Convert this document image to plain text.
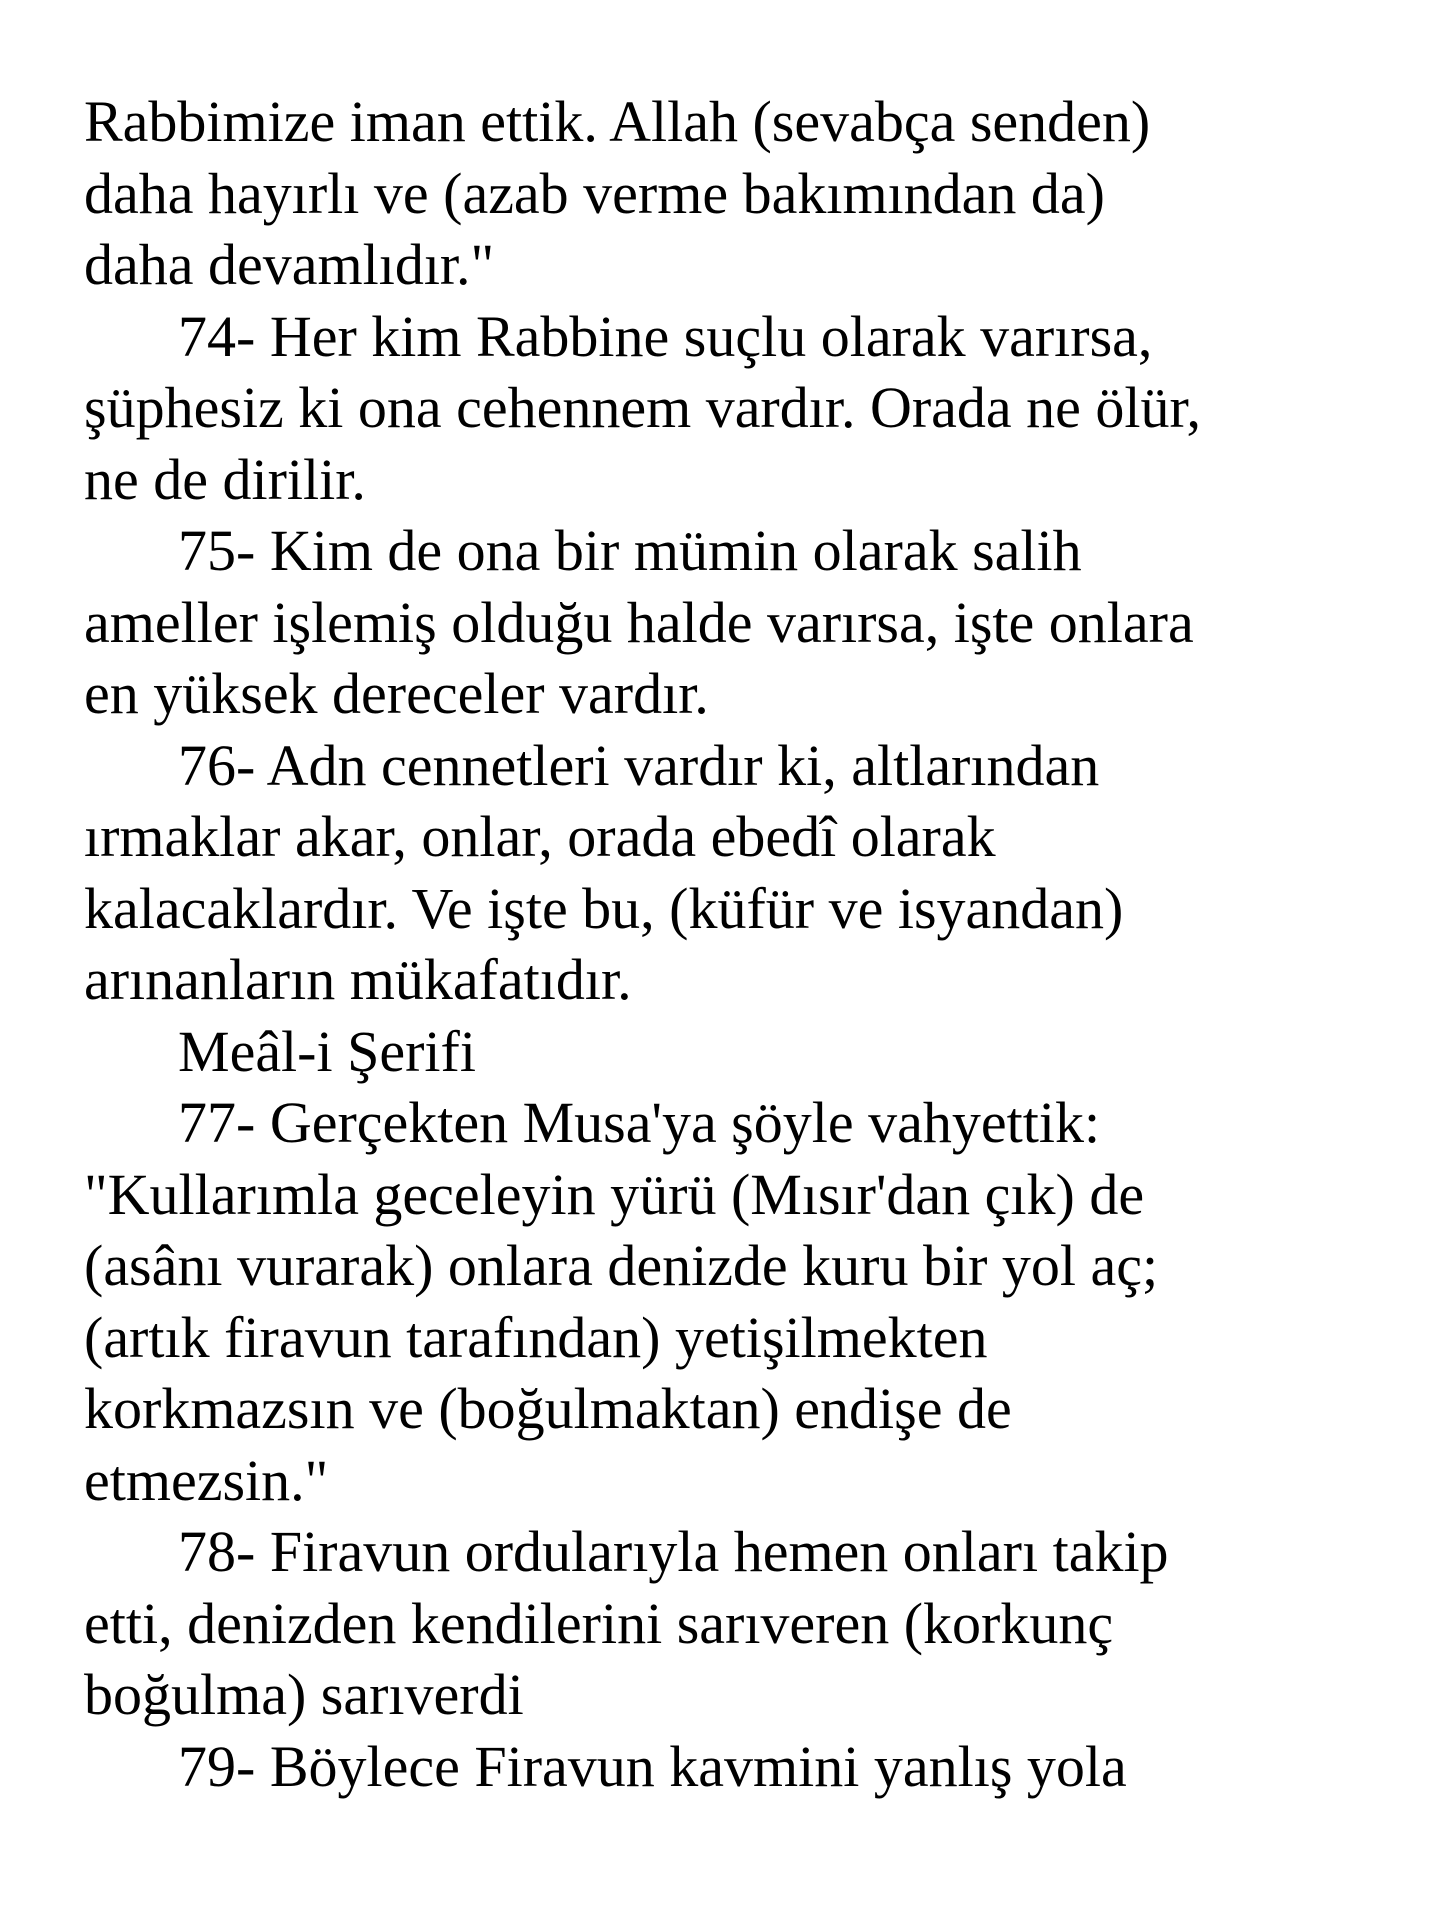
Rabbimize iman ettik. Allah (sevabça senden)
daha hayırlı ve (azab verme bakımından da)
daha devamlıdır."
74- Her kim Rabbine suçlu olarak varırsa,
şüphesiz ki ona cehennem vardır. Orada ne ölür,
ne de dirilir.
75- Kim de ona bir mümin olarak salih
ameller işlemiş olduğu halde varırsa, işte onlara
en yüksek dereceler vardır.
76- Adn cennetleri vardır ki, altlarından
ırmaklar akar, onlar, orada ebedî olarak
kalacaklardır. Ve işte bu, (küfür ve isyandan)
arınanların mükafatıdır.
Meâl-i Şerifi
77- Gerçekten Musa'ya şöyle vahyettik:
"Kullarımla geceleyin yürü (Mısır'dan çık) de
(asânı vurarak) onlara denizde kuru bir yol aç;
(artık firavun tarafından) yetişilmekten
korkmazsın ve (boğulmaktan) endişe de
etmezsin."
78- Firavun ordularıyla hemen onları takip
etti, denizden kendilerini sarıveren (korkunç
boğulma) sarıverdi
79- Böylece Firavun kavmini yanlış yola
